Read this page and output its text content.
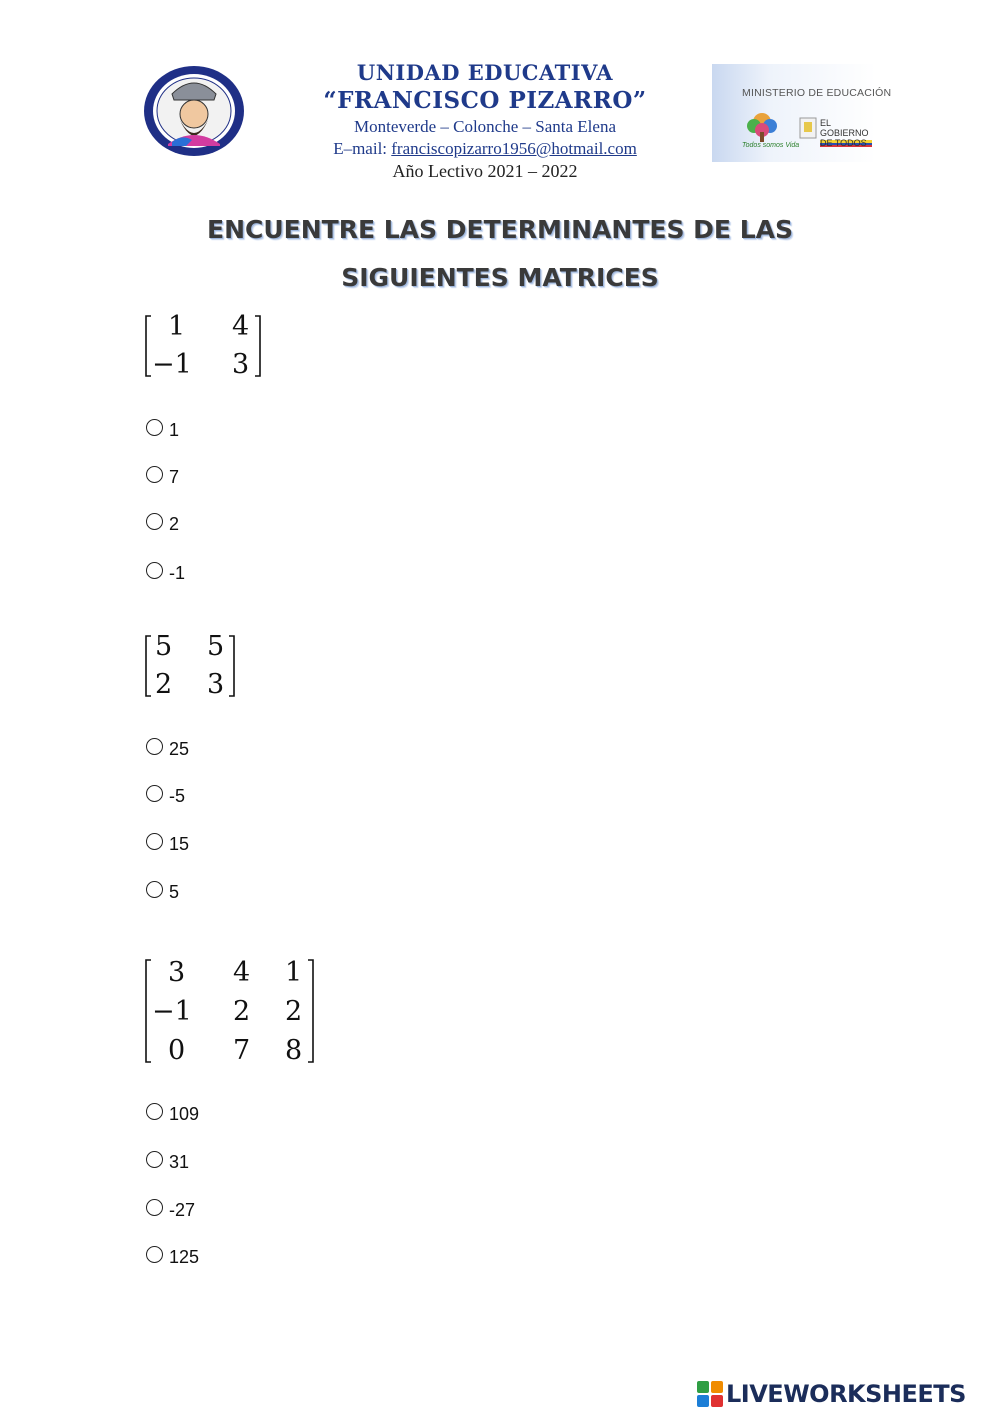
UNIDAD EDUCATIVA
“FRANCISCO PIZARRO”
Monteverde – Colonche – Santa Elena
E–mail: franciscopizarro1956@hotmail.com
Año Lectivo 2021 – 2022
MINISTERIO DE EDUCACIÓN
Todos somos Vida
EL
GOBIERNO
DE TODOS
ENCUENTRE LAS DETERMINANTES DE LAS
SIGUIENTES MATRICES
1 4
−1 3
1
7
2
-1
5 5
2 3
25
-5
15
5
3 4 1
−1 2 2
0 7 8
109
31
-27
125
LIVEWORKSHEETS
